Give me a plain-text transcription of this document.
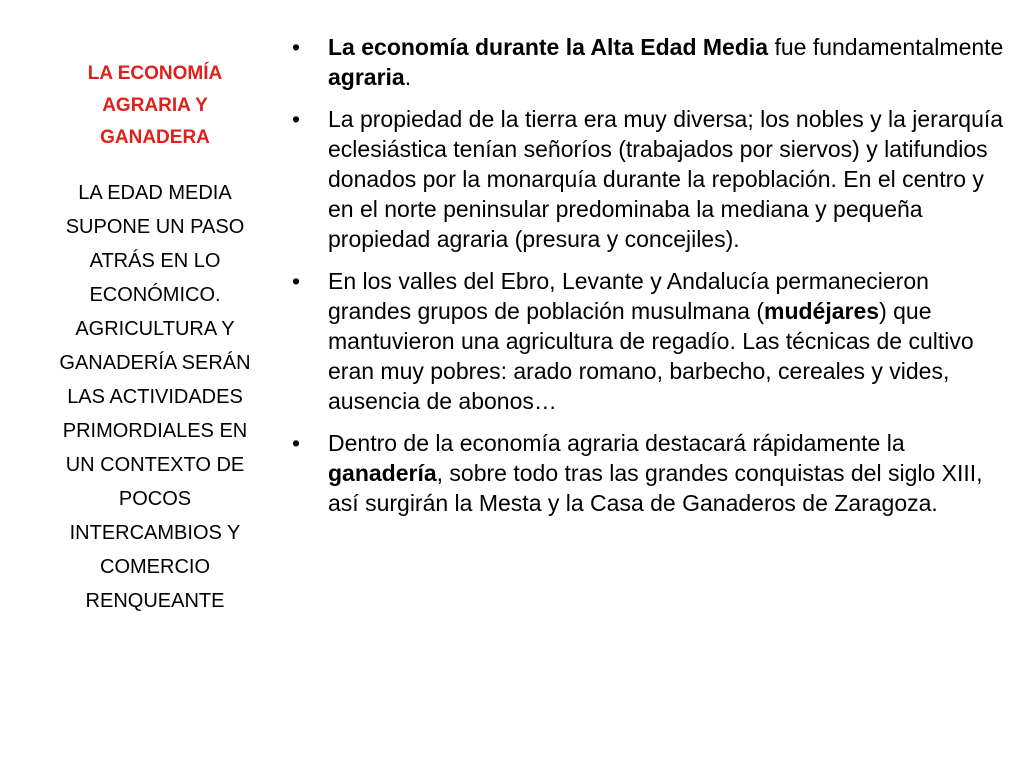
LA ECONOMÍA
AGRARIA Y
GANADERA
LA EDAD MEDIA
SUPONE UN PASO
ATRÁS EN LO
ECONÓMICO.
AGRICULTURA Y
GANADERÍA SERÁN
LAS ACTIVIDADES
PRIMORDIALES EN
UN CONTEXTO DE
POCOS
INTERCAMBIOS Y
COMERCIO
RENQUEANTE
• La economía durante la Alta Edad Media fue fundamentalmente agraria.
• La propiedad de la tierra era muy diversa; los nobles y la jerarquía eclesiástica tenían señoríos (trabajados por siervos) y latifundios donados por la monarquía durante la repoblación. En el centro y en el norte peninsular predominaba la mediana y pequeña propiedad agraria (presura y concejiles).
• En los valles del Ebro, Levante y Andalucía permanecieron grandes grupos de población musulmana (mudéjares) que mantuvieron una agricultura de regadío. Las técnicas de cultivo eran muy pobres: arado romano, barbecho, cereales y vides, ausencia de abonos…
• Dentro de la economía agraria destacará rápidamente la ganadería, sobre todo tras las grandes conquistas del siglo XIII, así surgirán la Mesta y la Casa de Ganaderos de Zaragoza.
